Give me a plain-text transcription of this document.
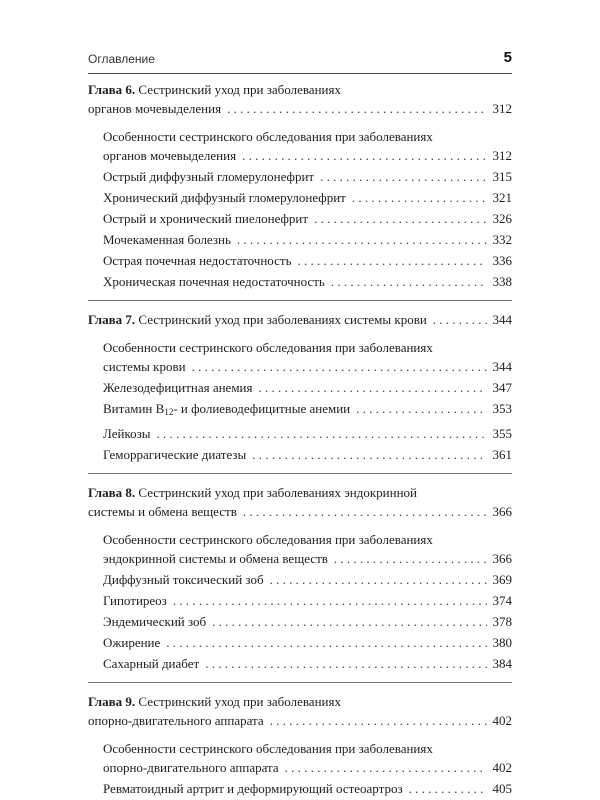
Оглавление	5
Глава 6. Сестринский уход при заболеваниях
органов мочевыделения . . .	312
Особенности сестринского обследования при заболеваниях
органов мочевыделения . . .	312
Острый диффузный гломерулонефрит . . .	315
Хронический диффузный гломерулонефрит . . .	321
Острый и хронический пиелонефрит . . .	326
Мочекаменная болезнь . . .	332
Острая почечная недостаточность . . .	336
Хроническая почечная недостаточность . . .	338
Глава 7. Сестринский уход при заболеваниях системы крови . . .	344
Особенности сестринского обследования при заболеваниях
системы крови . . .	344
Железодефицитная анемия . . .	347
Витамин $B_{12}-$ и фолиеводефицитные анемии . . .	353
Лейкозы . . .	355
Геморрагические диатезы . . .	361
Глава 8. Сестринский уход при заболеваниях эндокринной
системы и обмена веществ . . .	366
Особенности сестринского обследования при заболеваниях
эндокринной системы и обмена веществ . . .	366
Диффузный токсический зоб . . .	369
Гипотиреоз . . .	374
Эндемический зоб . . .	378
Ожирение . . .	380
Сахарный диабет . . .	384
Глава 9. Сестринский уход при заболеваниях
опорно-двигательного аппарата . . .	402
Особенности сестринского обследования при заболеваниях
опорно-двигательного аппарата . . .	402
Ревматоидный артрит и деформирующий остеоартроз . . .	405
